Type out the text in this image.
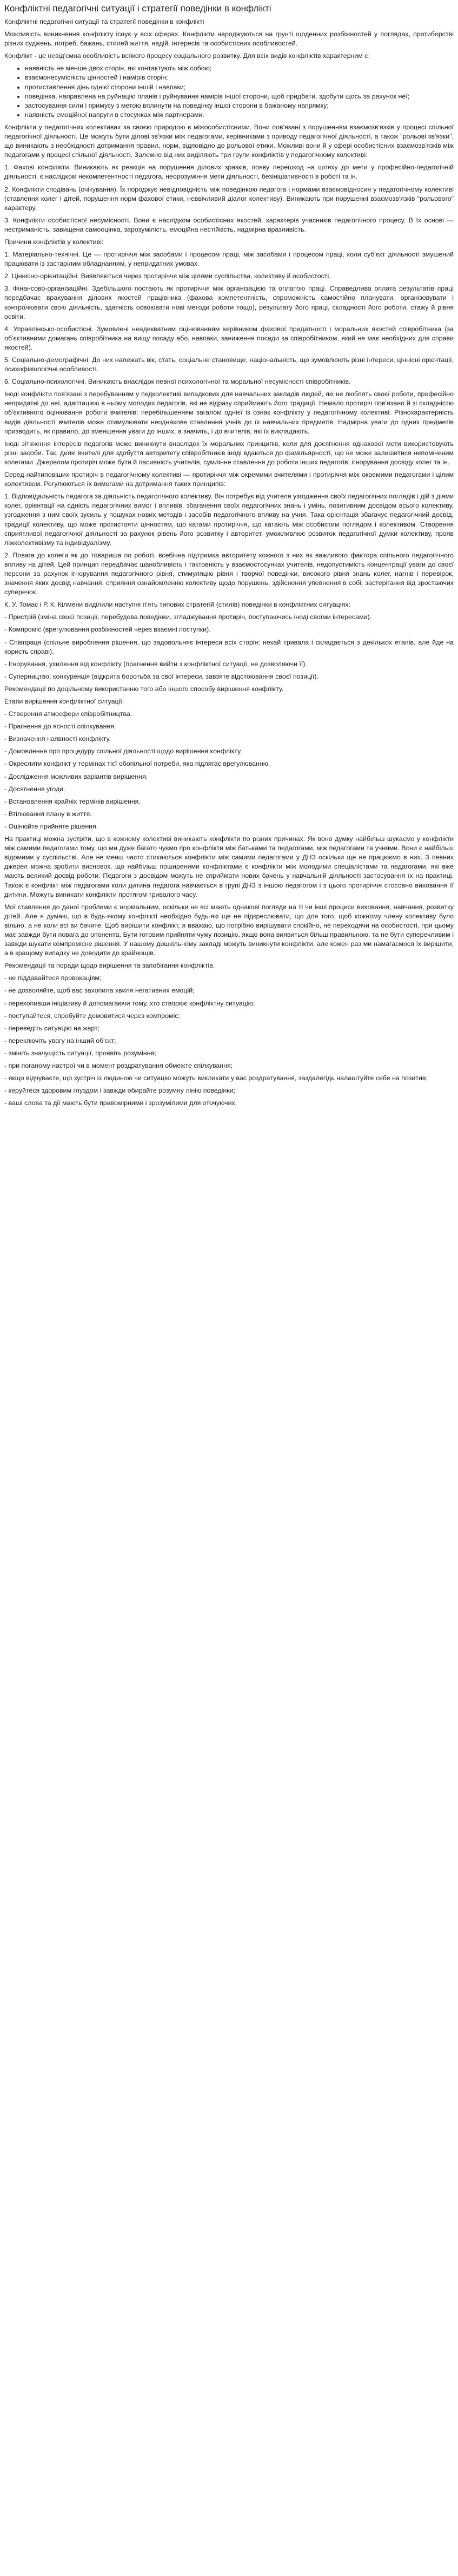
Конфліктні педагогічні ситуації і стратегії поведінки в конфлікті
Конфліктні педагогічні ситуації та стратегії поведінки в конфлікті

Можливість виникнення конфлікту існує у всіх сферах. Конфлікти народжуються на грунті щоденних розбіжностей у поглядах, протиборстві різних суджень, потреб, бажань, стилей життя, надій, інтересів та особистісних особливостей.

Конфлікт - це невід'ємна особливість всякого процесу соціального розвитку. Для всіх видів конфліктів характерним є:

• наявність не менше двох сторін, які контактують між собою;
• взаємонесумісність цінностей і намірів сторін;
• протиставлення дінь однієї сторони іншій і навпаки;
• поведінка, направлена на руйнацію планів і руйнування намірів іншої сторони, щоб придбати, здобути щось за рахунок неї;
• застосування сили і примусу з метою вплинути на поведінку іншої сторони в бажаному напрямку;
• наявність емоційної напруги в стосунках між партнерами.

Конфлікти у педагогічних колективах за своєю природою є міжособистісними. Вони пов'язані з порушенням взаємозв'язків у процесі спільної педагогічної діяльності. Це можуть бути ділові зв'язки між педагогами, керівниками з приводу педагогічної діяльності, а також "рольові зв'язки", що виникають з необхідності дотримання правил, норм, відповідно до рольової етики. Можливі вони й у сфері особистісних взаємозв'язків між педагогами у процесі спільної діяльності. Залежно від них виділяють три групи конфліктів у педагогічному колективі:

1. Фахові конфлікти. Виникають як реакція на порушення ділових зразків, появу перешкод на шляху до мети у професійно-педагогічній діяльності, є наслідком некомпетентності педагога, неорозуміння мети діяльності, безініціативності в роботі та ін.

2. Конфлікти сподівань (очікування). Їх породжує невідповідність між поведінкою педагога і нормами взаємовідносин у педагогічному колективі (ставлення колег і дітей, порушення норм фахової етики, неввічливий діалог колективу). Виникають при порушенні взаємозв'язків "рольового" характеру.

3. Конфлікти особистісної несумісності. Вони є наслідком особистісних якостей, характерів учасників педагогічного процесу. В їх основі —нестриманість, завищена самооцінка, зарозумілість, емоційна нестійкість, надмірна вразливість.

Причини конфліктів у колективі:

1. Матеріально-технічні. Це — протиріччя між засобами і процесом праці, між засобами і процесом праці, коли суб'єкт діяльності змушений працювати із застарілим обладнанням, у непридатних умовах.

2. Ціннісно-орієнтаційні. Виявляються через протиріччя між цілями суспільства, колективу й особистості.

3. Фінансово-організаційні. Здебільшого постають як протиріччя між організацією та оплатою праці. Справедлива оплата результатів праці передбачає врахування ділових якостей працівника (фахова компетентність, спроможність самостійно планувати, організовувати і контролювати свою діяльність, здатність освоювати нові методи роботи тощо), результату його праці, складності його роботи, стажу й рівня освіти.

4. Управлінсько-особистісні. Зумовлені неадекватним оцінюванням керівником фахової придатності і моральних якостей співробітника (за об'єктивними домагань співробітника на вищу посаду або, навпаки, заниження посади за співробітником, який не має необхідних для справи якостей).

5. Соціально-демографічні. До них належать вік, стать, соціальне становище, національність, що зумовлюють різні інтереси, ціннісні орієнтації, психофізіологічні особливості.

6. Соціально-психологічні. Виникають внаслідок певної психологічної та моральної несумісності співробітників.

Іноді конфлікти пов'язані з перебуванням у педколективі випадкових для навчальних закладів людей, які не люблять своєї роботи, професійно непридатні до неї, адаптацією в ньому молодих педагогів, які не відразу сприймають його традиції. Немало протиріч пов'язано й зі складністю об'єктивного оцінювання роботи вчителів; перебільшенням загалом однієї із ознак конфлікту у педагогічному колективі. Різнохарактерність видів діяльності вчителів може стимулювати неоднакове ставлення учнів до їх навчальних предметів. Надмірна уваги до одних предметів призводить, як правило, до зменшення уваги до інших, а значить, і до вчителів, які їх викладають.

Іноді зіткнення інтересів педагогів може виникнути внаслідок їх моральних принципів, коли для досягнення однакової мети використовують різні засоби. Так, деякі вчителі для здобуття авторитету співробітників іноді вдаються до фамільярності, що не може залишитися непоміченим колегами. Джерелом протиріч може бути й пасивність учителів, сумлінне ставлення до роботи інших педагогів, ігнорування досвіду колег та ін.

Серед найтиповіших протиріч в педагогічному колективі — протиріччя між окремими вчителями і протиріччя між окремими педагогами і цілим колективом. Регулюються їх вимогами на дотримання таких принципів:

1. Відповідальність педагога за діяльність педагогічного колективу. Він потребує від учителя узгодження своїх педагогічних поглядів і дій з діями колег, орієнтації на єдність педагогічних вимог і впливів, збагачення своїх педагогічних знань і умінь, позитивним досвідом всього колективу, узгодження з ним своїх зусиль у пошуках нових методів і засобів педагогічного впливу на учня. Така орієнтація збагачує педагогічний досвід, традиції колективу, що може протистояти цінностям, що катами протиріччя, що катають між особистим поглядом і колективом. Створення сприятливої педагогічної діяльності за рахунок рівень його розвитку і авторитет, уможливлює розвиток педагогічної думки колективу, прояв ліжколективізму та індивідуалізму.

2. Повага до колеги як до товариша по роботі, всебічна підтримка авторитету кожного з них як важливого фактора спільного педагогічного впливу на дітей. Цей принцип передбачає шанобливість і тактовність у взаємостосунках учителів, недопустимість концентрації уваги до своєї персони за рахунок ігнорування педагогічного рівня, стимуляцію рівня і творчої поведінки, високого рівня знань колег, нагнів і перевірок, значення яких досвід навчання, сприяння ознайомленню колективу щодо порушень, здійснення упевнення в собі, застерігання від зростаючих суперечок.

К. У. Томас і Р. К. Кілмени виділили наступні п'ять типових стратегій (стилів) поведінки в конфліктних ситуаціях:

- Пристрій (зміна своєї позиції, перебудова поведінки, згладжування протиріч, поступаючись іноді своїми інтересами).

- Компроміс (врегулювання розбіжностей через взаємні поступки).

- Співпраця (спільне вироблення рішення, що задовольняє інтереси всіх сторін: нехай тривала і складається з декількох етапів, але йде на користь справі).

- Ігнорування, ухилення від конфлікту (прагнення вийти з конфліктної ситуації, не дозволяючи її).

- Суперництво, конкуренція (відкрита боротьба за свої інтереси, завзяте відстоювання своєї позиції).

Рекомендації по доцільному використанню того або іншого способу вирішення конфлікту.

Етапи вирішення конфліктної ситуації:

- Створення атмосфери співробітництва.

- Прагнення до ясності спілкування.

- Визначення наявності конфлікту.

- Домовлення про процедуру спільної діяльності щодо вирішення конфлікту.

- Окреслити конфлікт у термінах тієї обопільної потреби, яка підлягає врегулюванню.

- Дослідження можливих варіантів вирішення.

- Досягнення угоди.

- Встановлення крайніх термінів вирішення.

- Втілювання плану в життя.

- Оцінюйте прийняте рішення.

На практиці можна зустріти, що в кожному колективі виникають конфлікти по різних причинах. Як воно думку найбільш шукаємо у конфлікти між самими педагогами тому, що ми дуже багато чуємо про конфлікти між батьками та педагогами, між педагогами та учнями. Вони є найбільш відомими у суспільстві. Але не менш часто стикаються конфлікти між самими педагогами у ДНЗ оскільки ще не працюємо в них. З певних джерел можна зробити висновок, що найбільш поширеними конфліктами є конфлікти між молодими спеціалістами та педагогами, які вже мають великий досвід роботи. Педагоги з досвідом можуть не сприймати нових бачень у навчальній діяльності застосування їх на практиці. Також є конфлікт між педагогами коли дитина педагога навчається в групі ДНЗ з іншою педагогом і з цього протиріччя стосовно виховання її дитини. Можуть виникати конфлікти протягом тривалого часу.

Мої ставлення до даної проблеми є нормальним, оскільки не всі мають однакові погляди на ті чи інші процеси виховання, навчання, розвитку дітей. Але я думаю, що в будь-якому конфлікті необхідно будь-які ще не підкреслювати, що для того, щоб кожному члену колективу було вільно, а не коли всі ви бачите. Щоб вирішити конфлікт, я вважаю, що потрібно вирішувати спокійно, не переходячи на особистості, при цьому має завжди бути повага до опонента. Бути готовим прийняти чужу позицію, якщо вона виявиться більш правильною, та не бути суперечливим і завжди шукати компромісне рішення. У нашому дошкільному закладі можуть виникнути конфлікти, але кожен раз ми намагаємося їх вирішити, а в кращому випадку не доводити до крайнощів.

Рекомендації та поради щодо вирішення та запобігання конфліктів.

- не піддавайтеся провокаціям;

- не дозволяйте, щоб вас захопила хвиля негативних емоцій;

- перехопивши ініціативу й допомагаючи тому, хто створює конфліктну ситуацію;

- поступайтеся, спробуйте домовитися через компроміс;

- переведіть ситуацію на жарт;

- переключіть увагу на інший об'єкт;

- змініть значущість ситуації, проявіть розуміння;

- при поганому настрої чи в момент роздратування обмежте спілкування;

- якщо відчуваєте, що зустріч із людиною чи ситуацію можуть викликати у вас роздратування, заздалегідь налаштуйте себе на позитив;

- керуйтеся здоровим глуздом і завжди обирайте розумну лінію поведінки;

- ваші слова та дії мають бути правомірними і зрозумілими для оточуючих.
